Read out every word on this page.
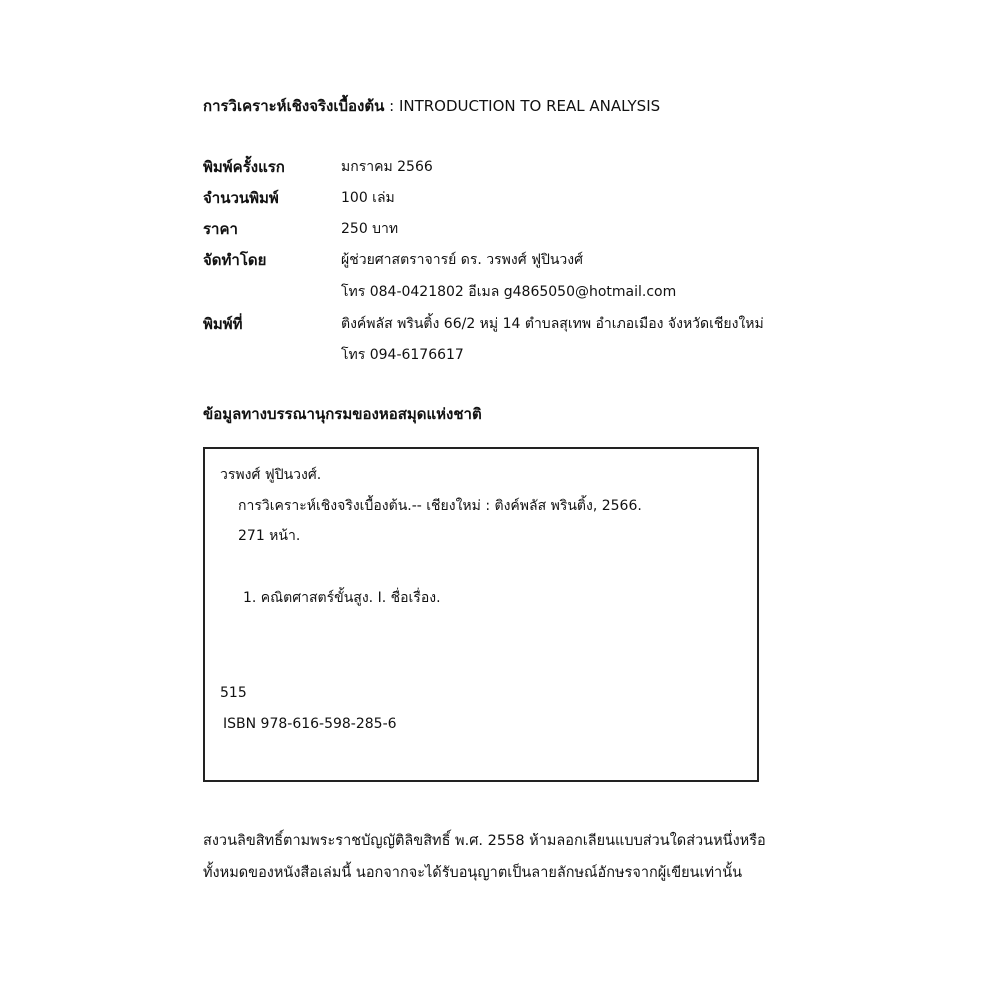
การวิเคราะห์เชิงจริงเบื้องต้น : INTRODUCTION TO REAL ANALYSIS
พิมพ์ครั้งแรก	มกราคม 2566
จำนวนพิมพ์	100 เล่ม
ราคา	250 บาท
จัดทำโดย	ผู้ช่วยศาสตราจารย์ ดร. วรพงศ์ ฟูปินวงศ์
โทร 084-0421802 อีเมล g4865050@hotmail.com
พิมพ์ที่	ติงค์พลัส พรินติ้ง 66/2 หมู่ 14 ตำบลสุเทพ อำเภอเมือง จังหวัดเชียงใหม่
โทร 094-6176617
ข้อมูลทางบรรณานุกรมของหอสมุดแห่งชาติ
วรพงศ์ ฟูปินวงศ์.
การวิเคราะห์เชิงจริงเบื้องต้น.-- เชียงใหม่ : ติงค์พลัส พรินติ้ง, 2566.
271 หน้า.
1. คณิตศาสตร์ขั้นสูง. I. ชื่อเรื่อง.
515
ISBN 978-616-598-285-6
สงวนลิขสิทธิ์ตามพระราชบัญญัติลิขสิทธิ์ พ.ศ. 2558 ห้ามลอกเลียนแบบส่วนใดส่วนหนึ่งหรือ
ทั้งหมดของหนังสือเล่มนี้ นอกจากจะได้รับอนุญาตเป็นลายลักษณ์อักษรจากผู้เขียนเท่านั้น
